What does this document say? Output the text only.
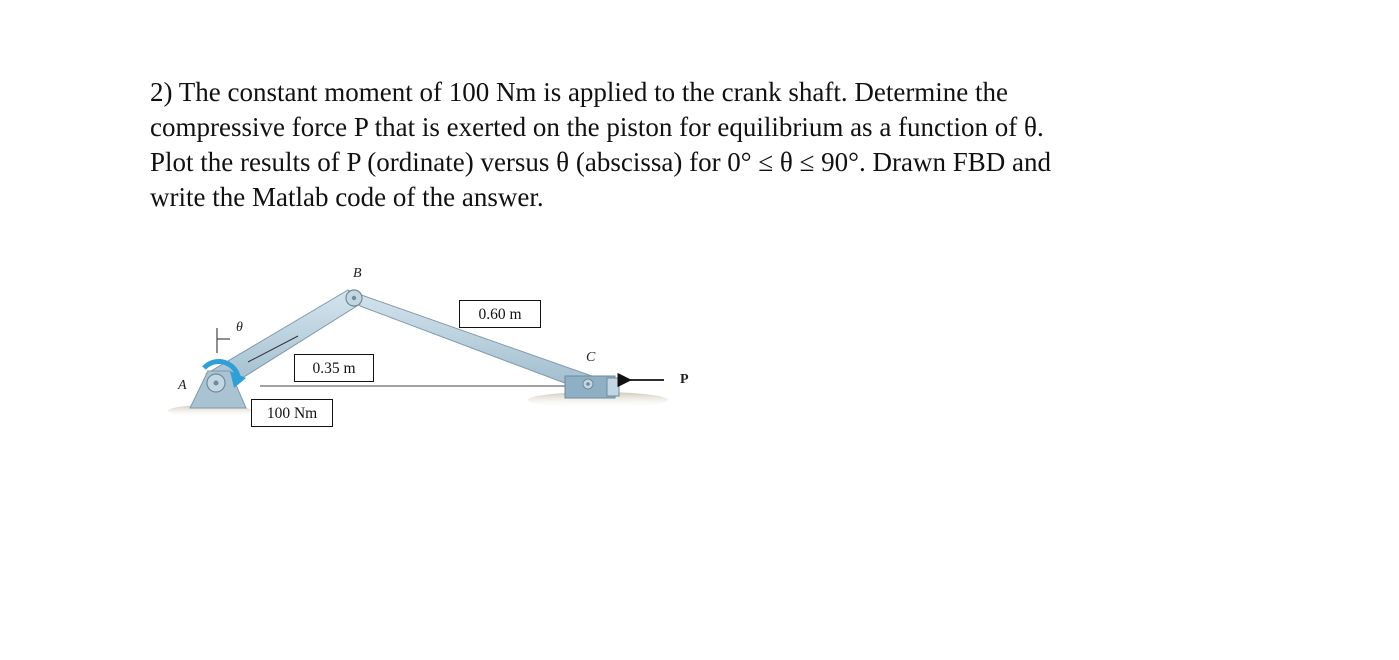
2) The constant moment of 100 Nm is applied to the crank shaft. Determine the
compressive force P that is exerted on the piston for equilibrium as a function of θ.
Plot the results of P (ordinate) versus θ (abscissa) for 0° ≤ θ ≤ 90°. Drawn FBD and
write the Matlab code of the answer.
A
B
C
θ
P
0.60 m
0.35 m
100 Nm
